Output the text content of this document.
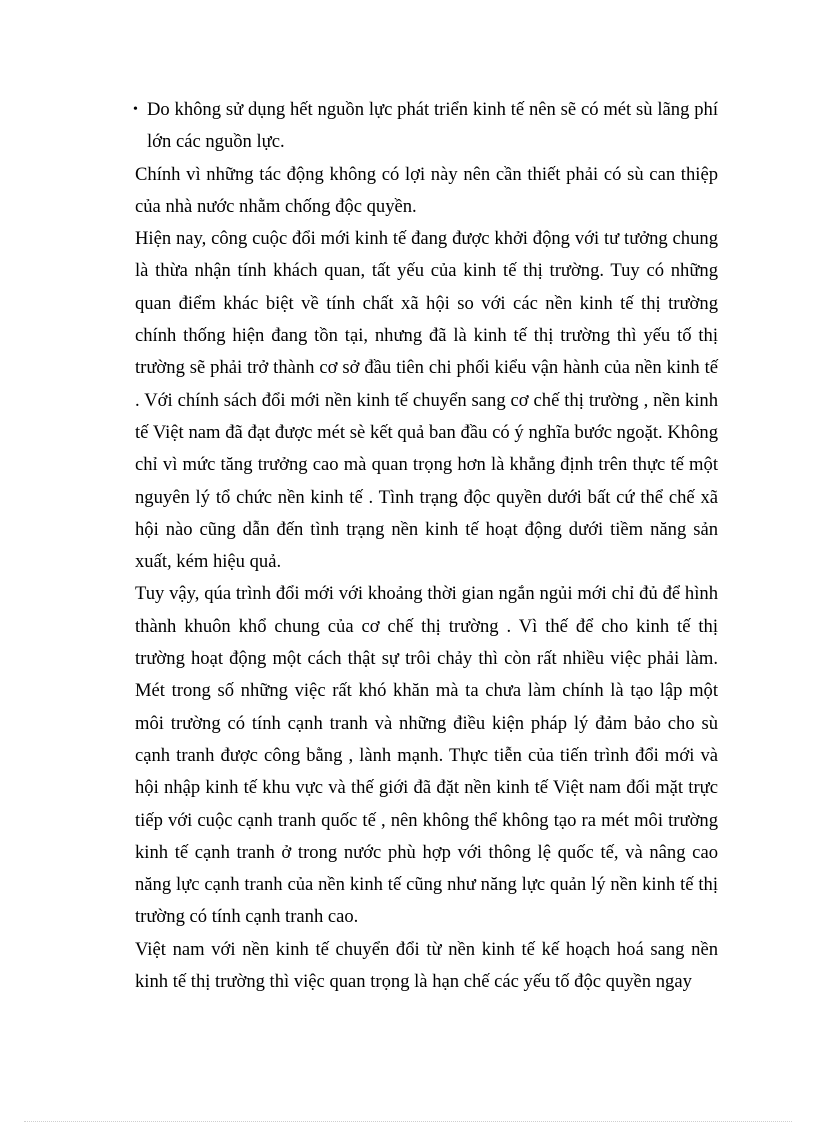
• Do không sử dụng hết nguồn lực phát triển kinh tế nên sẽ có mét sù lãng phí lớn các nguồn lực.

Chính vì những tác động không có lợi này nên cần thiết phải có sù can thiệp của nhà nước nhằm chống độc quyền.

Hiện nay, công cuộc đổi mới kinh tế đang được khởi động với tư tưởng chung là thừa nhận tính khách quan, tất yếu của kinh tế thị trường. Tuy có những quan điểm khác biệt về tính chất xã hội so với các nền kinh tế thị trường chính thống hiện đang tồn tại, nhưng đã là kinh tế thị trường thì yếu tố thị trường sẽ phải trở thành cơ sở đầu tiên chi phối kiểu vận hành của nền kinh tế . Với chính sách đổi mới nền kinh tế chuyển sang cơ chế thị trường , nền kinh tế Việt nam đã đạt được mét sè kết quả ban đầu có ý nghĩa bước ngoặt. Không chỉ vì mức tăng trưởng cao mà quan trọng hơn là khẳng định trên thực tế một nguyên lý tổ chức nền kinh tế . Tình trạng độc quyền dưới bất cứ thể chế xã hội nào cũng dẫn đến tình trạng nền kinh tế hoạt động dưới tiềm năng sản xuất, kém hiệu quả.

Tuy vậy, qúa trình đổi mới với khoảng thời gian ngắn ngủi mới chỉ đủ để hình thành khuôn khổ chung của cơ chế thị trường . Vì thế để cho kinh tế thị trường hoạt động một cách thật sự trôi chảy thì còn rất nhiều việc phải làm. Mét trong số những việc rất khó khăn mà ta chưa làm chính là tạo lập một môi trường có tính cạnh tranh và những điều kiện pháp lý đảm bảo cho sù cạnh tranh được công bằng , lành mạnh. Thực tiễn của tiến trình đổi mới và hội nhập kinh tế khu vực và thế giới đã đặt nền kinh tế Việt nam đối mặt trực tiếp với cuộc cạnh tranh quốc tế , nên không thể không tạo ra mét môi trường kinh tế cạnh tranh ở trong nước phù hợp với thông lệ quốc tế, và nâng cao năng lực cạnh tranh của nền kinh tế cũng như năng lực quản lý nền kinh tế thị trường có tính cạnh tranh cao.

Việt nam với nền kinh tế chuyển đổi từ nền kinh tế kế hoạch hoá sang nền kinh tế thị trường thì việc quan trọng là hạn chế các yếu tố độc quyền ngay
